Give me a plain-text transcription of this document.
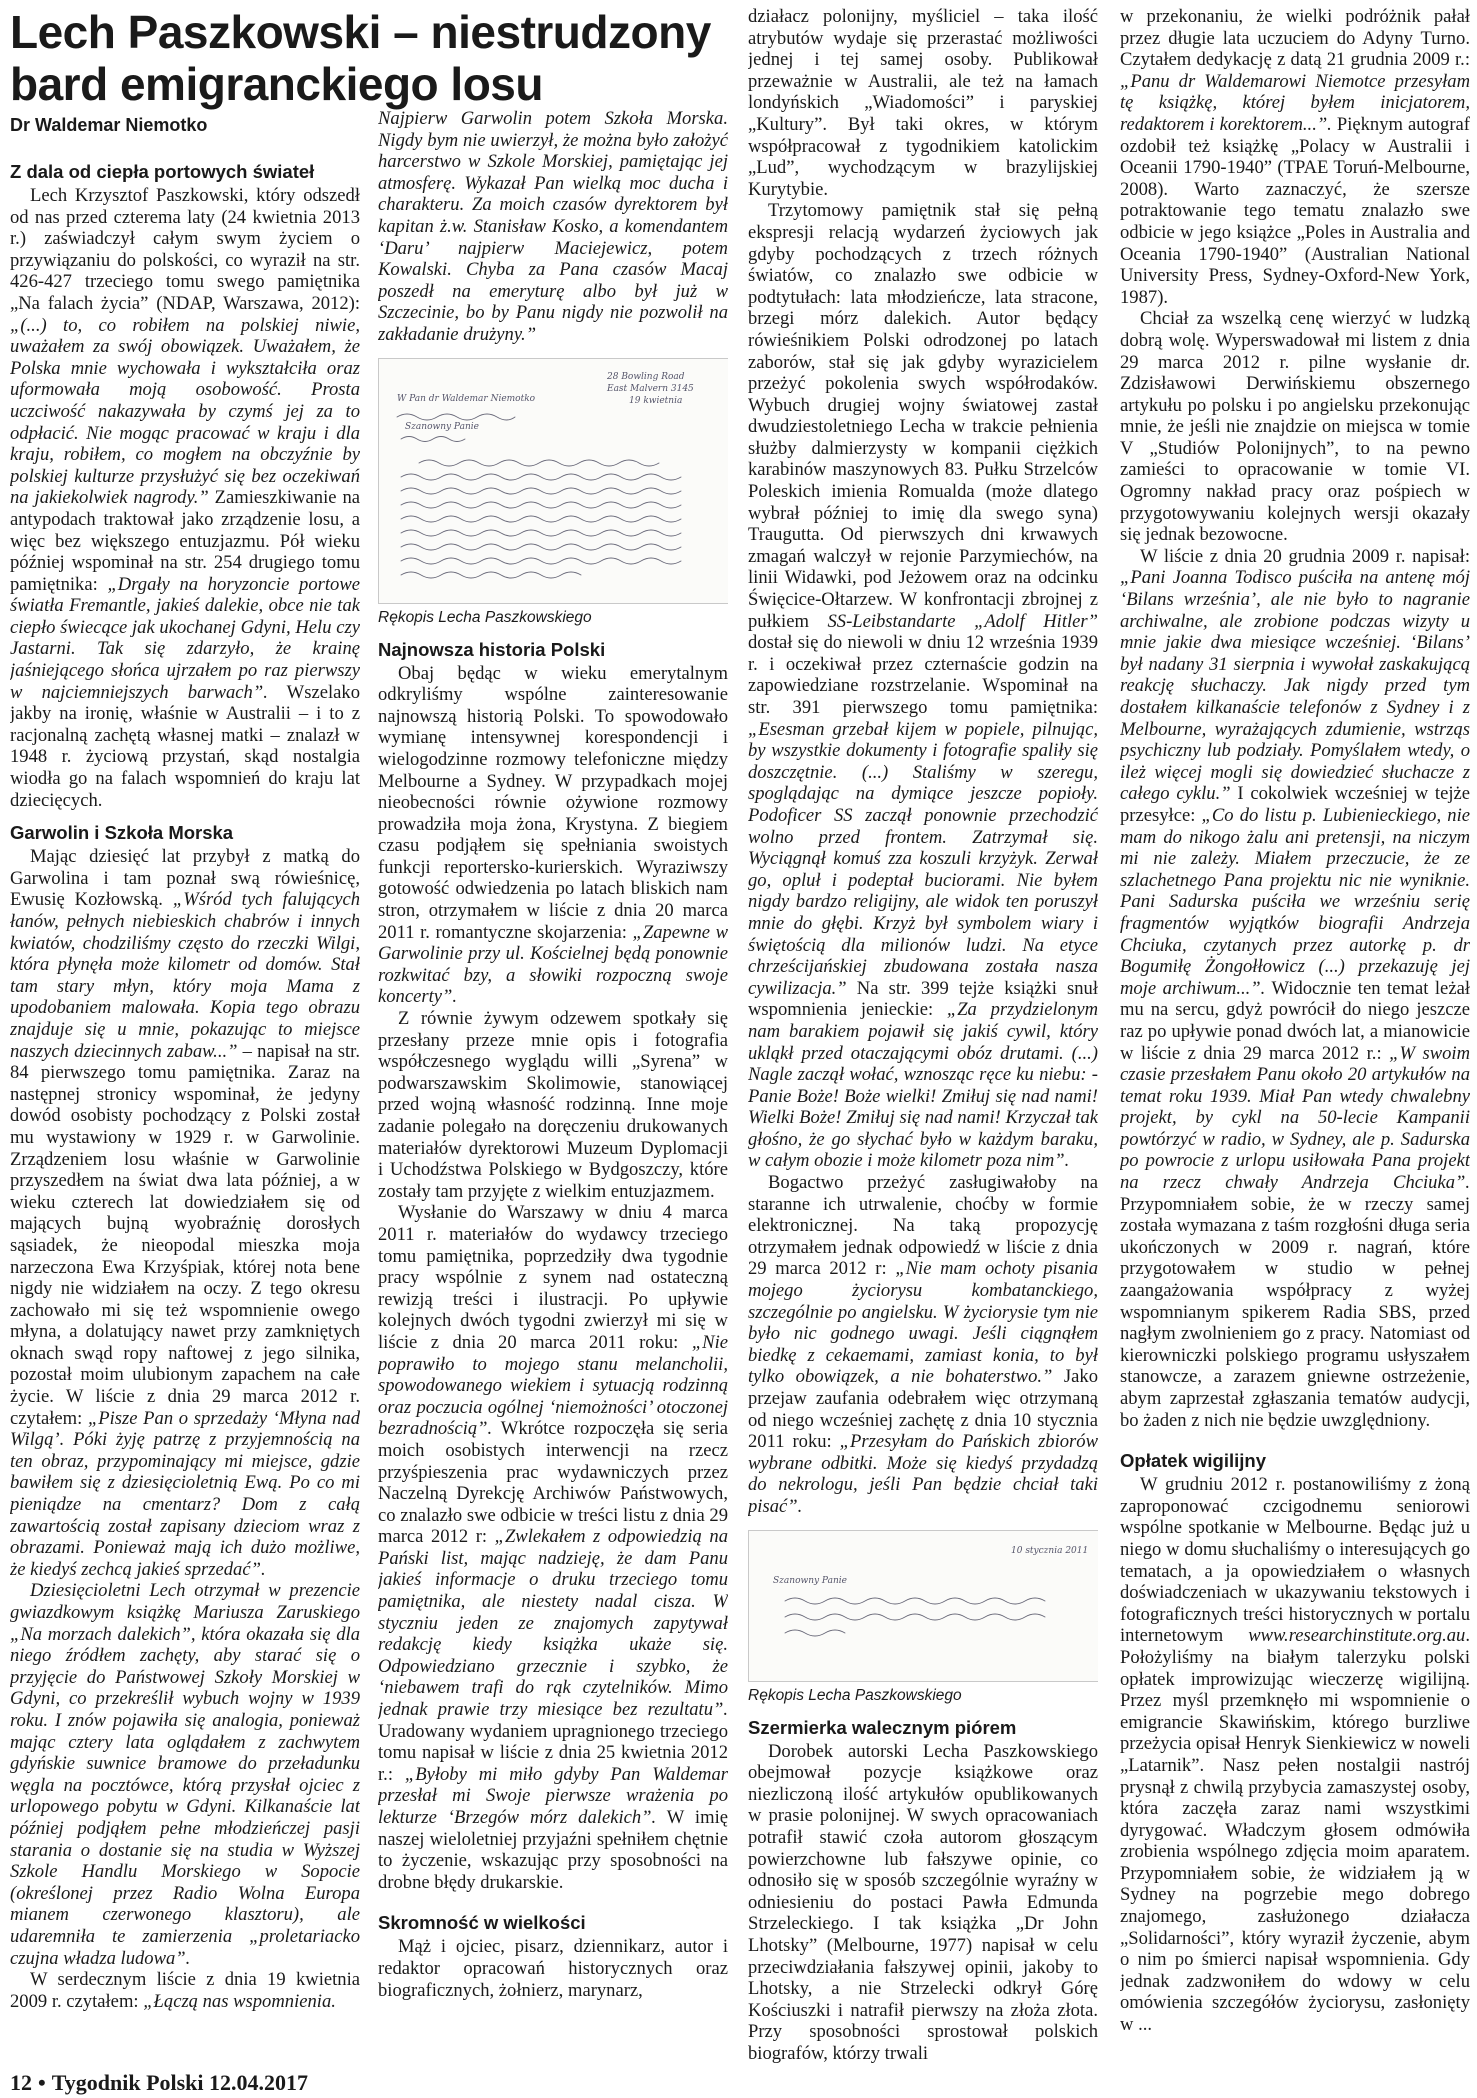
Lech Paszkowski – niestrudzony
bard emigranckiego losu
Dr Waldemar Niemotko
Z dala od ciepła portowych świateł

Lech Krzysztof Paszkowski, który odszedł od nas przed czterema laty (24 kwietnia 2013 r.) zaświadczył całym swym życiem o przywiązaniu do polskości, co wyraził na str. 426-427 trzeciego tomu swego pamiętnika „Na falach życia” (NDAP, Warszawa, 2012): „(...) to, co robiłem na polskiej niwie, uważałem za swój obowiązek. Uważałem, że Polska mnie wychowała i wykształciła oraz uformowała moją osobowość. Prosta uczciwość nakazywała by czymś jej za to odpłacić. Nie mogąc pracować w kraju i dla kraju, robiłem, co mogłem na obczyźnie by polskiej kulturze przysłużyć się bez oczekiwań na jakiekolwiek nagrody.” Zamieszkiwanie na antypodach traktował jako zrządzenie losu, a więc bez większego entuzjazmu. Pół wieku później wspominał na str. 254 drugiego tomu pamiętnika: „Drgały na horyzoncie portowe światła Fremantle, jakieś dalekie, obce nie tak ciepło świecące jak ukochanej Gdyni, Helu czy Jastarni. Tak się zdarzyło, że krainę jaśniejącego słońca ujrzałem po raz pierwszy w najciemniejszych barwach”. Wszelako jakby na ironię, właśnie w Australii – i to z racjonalną zachętą własnej matki – znalazł w 1948 r. życiową przystań, skąd nostalgia wiodła go na falach wspomnień do kraju lat dziecięcych.

Garwolin i Szkoła Morska

Mając dziesięć lat przybył z matką do Garwolina i tam poznał swą rówieśnicę, Ewusię Kozłowską. „Wśród tych falujących łanów, pełnych niebieskich chabrów i innych kwiatów, chodziliśmy często do rzeczki Wilgi, która płynęła może kilometr od domów. Stał tam stary młyn, który moja Mama z upodobaniem malowała. Kopia tego obrazu znajduje się u mnie, pokazując to miejsce naszych dziecinnych zabaw...” – napisał na str. 84 pierwszego tomu pamiętnika. Zaraz na następnej stronicy wspominał, że jedyny dowód osobisty pochodzący z Polski został mu wystawiony w 1929 r. w Garwolinie. Zrządzeniem losu właśnie w Garwolinie przyszedłem na świat dwa lata później, a w wieku czterech lat dowiedziałem się od mających bujną wyobraźnię dorosłych sąsiadek, że nieopodal mieszka moja narzeczona Ewa Krzyśpiak, której nota bene nigdy nie widziałem na oczy. Z tego okresu zachowało mi się też wspomnienie owego młyna, a dolatujący nawet przy zamkniętych oknach swąd ropy naftowej z jego silnika, pozostał moim ulubionym zapachem na całe życie. W liście z dnia 29 marca 2012 r. czytałem: „Pisze Pan o sprzedaży ‘Młyna nad Wilgą’. Póki żyję patrzę z przyjemnością na ten obraz, przypominający mi miejsce, gdzie bawiłem się z dziesięcioletnią Ewą. Po co mi pieniądze na cmentarz? Dom z całą zawartością został zapisany dzieciom wraz z obrazami. Ponieważ mają ich dużo możliwe, że kiedyś zechcą jakieś sprzedać”.

Dziesięcioletni Lech otrzymał w prezencie gwiazdkowym książkę Mariusza Zaruskiego „Na morzach dalekich”, która okazała się dla niego źródłem zachęty, aby starać się o przyjęcie do Państwowej Szkoły Morskiej w Gdyni, co przekreślił wybuch wojny w 1939 roku. I znów pojawiła się analogia, ponieważ mając cztery lata oglądałem z zachwytem gdyńskie suwnice bramowe do przeładunku węgla na pocztówce, którą przysłał ojciec z urlopowego pobytu w Gdyni. Kilkanaście lat później podjąłem pełne młodzieńczej pasji starania o dostanie się na studia w Wyższej Szkole Handlu Morskiego w Sopocie (określonej przez Radio Wolna Europa mianem czerwonego klasztoru), ale udaremniła te zamierzenia „proletariacko czujna władza ludowa”.

W serdecznym liście z dnia 19 kwietnia 2009 r. czytałem: „Łączą nas wspomnienia.

Najpierw Garwolin potem Szkoła Morska. Nigdy bym nie uwierzył, że można było założyć harcerstwo w Szkole Morskiej, pamiętając jej atmosferę. Wykazał Pan wielką moc ducha i charakteru. Za moich czasów dyrektorem był kapitan ż.w. Stanisław Kosko, a komendantem ‘Daru’ najpierw Maciejewicz, potem Kowalski. Chyba za Pana czasów Macaj poszedł na emeryturę albo był już w Szczecinie, bo by Panu nigdy nie pozwolił na zakładanie drużyny.”

28 Bowling Road
East Malvern 3145
19 kwietnia
W Pan dr Waldemar Niemotko
Szanowny Panie
Rękopis Lecha Paszkowskiego
Najnowsza historia Polski

Obaj będąc w wieku emerytalnym odkryliśmy wspólne zainteresowanie najnowszą historią Polski. To spowodowało wymianę intensywnej korespondencji i wielogodzinne rozmowy telefoniczne między Melbourne a Sydney. W przypadkach mojej nieobecności równie ożywione rozmowy prowadziła moja żona, Krystyna. Z biegiem czasu podjąłem się spełniania swoistych funkcji reportersko-kurierskich. Wyraziwszy gotowość odwiedzenia po latach bliskich nam stron, otrzymałem w liście z dnia 20 marca 2011 r. romantyczne skojarzenia: „Zapewne w Garwolinie przy ul. Kościelnej będą ponownie rozkwitać bzy, a słowiki rozpoczną swoje koncerty”.

Z równie żywym odzewem spotkały się przesłany przeze mnie opis i fotografia współczesnego wyglądu willi „Syrena” w podwarszawskim Skolimowie, stanowiącej przed wojną własność rodzinną. Inne moje zadanie polegało na doręczeniu drukowanych materiałów dyrektorowi Muzeum Dyplomacji i Uchodźstwa Polskiego w Bydgoszczy, które zostały tam przyjęte z wielkim entuzjazmem.

Wysłanie do Warszawy w dniu 4 marca 2011 r. materiałów do wydawcy trzeciego tomu pamiętnika, poprzedziły dwa tygodnie pracy wspólnie z synem nad ostateczną rewizją treści i ilustracji. Po upływie kolejnych dwóch tygodni zwierzył mi się w liście z dnia 20 marca 2011 roku: „Nie poprawiło to mojego stanu melancholii, spowodowanego wiekiem i sytuacją rodzinną oraz poczucia ogólnej ‘niemożności’ otoczonej bezradnością”. Wkrótce rozpoczęła się seria moich osobistych interwencji na rzecz przyśpieszenia prac wydawniczych przez Naczelną Dyrekcję Archiwów Państwowych, co znalazło swe odbicie w treści listu z dnia 29 marca 2012 r: „Zwlekałem z odpowiedzią na Pański list, mając nadzieję, że dam Panu jakieś informacje o druku trzeciego tomu pamiętnika, ale niestety nadal cisza. W styczniu jeden ze znajomych zapytywał redakcję kiedy książka ukaże się. Odpowiedziano grzecznie i szybko, że ‘niebawem trafi do rąk czytelników. Mimo jednak prawie trzy miesiące bez rezultatu”. Uradowany wydaniem upragnionego trzeciego tomu napisał w liście z dnia 25 kwietnia 2012 r.: „Byłoby mi miło gdyby Pan Waldemar przesłał mi Swoje pierwsze wrażenia po lekturze ‘Brzegów mórz dalekich”. W imię naszej wieloletniej przyjaźni spełniłem chętnie to życzenie, wskazując przy sposobności na drobne błędy drukarskie.

Skromność w wielkości

Mąż i ojciec, pisarz, dziennikarz, autor i redaktor opracowań historycznych oraz biograficznych, żołnierz, marynarz,

działacz polonijny, myśliciel – taka ilość atrybutów wydaje się przerastać możliwości jednej i tej samej osoby. Publikował przeważnie w Australii, ale też na łamach londyńskich „Wiadomości” i paryskiej „Kultury”. Był taki okres, w którym współpracował z tygodnikiem katolickim „Lud”, wychodzącym w brazylijskiej Kurytybie.

Trzytomowy pamiętnik stał się pełną ekspresji relacją wydarzeń życiowych jak gdyby pochodzących z trzech różnych światów, co znalazło swe odbicie w podtytułach: lata młodzieńcze, lata stracone, brzegi mórz dalekich. Autor będący rówieśnikiem Polski odrodzonej po latach zaborów, stał się jak gdyby wyrazicielem przeżyć pokolenia swych współrodaków. Wybuch drugiej wojny światowej zastał dwudziestoletniego Lecha w trakcie pełnienia służby dalmierzysty w kompanii ciężkich karabinów maszynowych 83. Pułku Strzelców Poleskich imienia Romualda (może dlatego wybrał później to imię dla swego syna) Traugutta. Od pierwszych dni krwawych zmagań walczył w rejonie Parzymiechów, na linii Widawki, pod Jeżowem oraz na odcinku Święcice-Ołtarzew. W konfrontacji zbrojnej z pułkiem SS-Leibstandarte „Adolf Hitler” dostał się do niewoli w dniu 12 września 1939 r. i oczekiwał przez czternaście godzin na zapowiedziane rozstrzelanie. Wspominał na str. 391 pierwszego tomu pamiętnika: „Esesman grzebał kijem w popiele, pilnując, by wszystkie dokumenty i fotografie spaliły się doszczętnie. (...) Staliśmy w szeregu, spoglądając na dymiące jeszcze popioły. Podoficer SS zaczął ponownie przechodzić wolno przed frontem. Zatrzymał się. Wyciągnął komuś zza koszuli krzyżyk. Zerwał go, opluł i podeptał buciorami. Nie byłem nigdy bardzo religijny, ale widok ten poruszył mnie do głębi. Krzyż był symbolem wiary i świętością dla milionów ludzi. Na etyce chrześcijańskiej zbudowana została nasza cywilizacja.” Na str. 399 tejże książki snuł wspomnienia jenieckie: „Za przydzielonym nam barakiem pojawił się jakiś cywil, który ukląkł przed otaczającymi obóz drutami. (...) Nagle zaczął wołać, wznosząc ręce ku niebu: - Panie Boże! Boże wielki! Zmiłuj się nad nami! Wielki Boże! Zmiłuj się nad nami! Krzyczał tak głośno, że go słychać było w każdym baraku, w całym obozie i może kilometr poza nim”.

Bogactwo przeżyć zasługiwałoby na staranne ich utrwalenie, choćby w formie elektronicznej. Na taką propozycję otrzymałem jednak odpowiedź w liście z dnia 29 marca 2012 r: „Nie mam ochoty pisania mojego życiorysu kombatanckiego, szczególnie po angielsku. W życiorysie tym nie było nic godnego uwagi. Jeśli ciągnąłem biedkę z cekaemami, zamiast konia, to był tylko obowiązek, a nie bohaterstwo.” Jako przejaw zaufania odebrałem więc otrzymaną od niego wcześniej zachętę z dnia 10 stycznia 2011 roku: „Przesyłam do Pańskich zbiorów wybrane odbitki. Może się kiedyś przydadzą do nekrologu, jeśli Pan będzie chciał taki pisać”.

10 stycznia 2011
Szanowny Panie
Rękopis Lecha Paszkowskiego
Szermierka walecznym piórem

Dorobek autorski Lecha Paszkowskiego obejmował pozycje książkowe oraz niezliczoną ilość artykułów opublikowanych w prasie polonijnej. W swych opracowaniach potrafił stawić czoła autorom głoszącym powierzchowne lub fałszywe opinie, co odnosiło się w sposób szczególnie wyraźny w odniesieniu do postaci Pawła Edmunda Strzeleckiego. I tak książka „Dr John Lhotsky” (Melbourne, 1977) napisał w celu przeciwdziałania fałszywej opinii, jakoby to Lhotsky, a nie Strzelecki odkrył Górę Kościuszki i natrafił pierwszy na złoża złota. Przy sposobności sprostował polskich biografów, którzy trwali

w przekonaniu, że wielki podróżnik pałał przez długie lata uczuciem do Adyny Turno. Czytałem dedykację z datą 21 grudnia 2009 r.: „Panu dr Waldemarowi Niemotce przesyłam tę książkę, której byłem inicjatorem, redaktorem i korektorem...”. Pięknym autograf ozdobił też książkę „Polacy w Australii i Oceanii 1790-1940” (TPAE Toruń-Melbourne, 2008). Warto zaznaczyć, że szersze potraktowanie tego tematu znalazło swe odbicie w jego książce „Poles in Australia and Oceania 1790-1940” (Australian National University Press, Sydney-Oxford-New York, 1987).

Chciał za wszelką cenę wierzyć w ludzką dobrą wolę. Wyperswadował mi listem z dnia 29 marca 2012 r. pilne wysłanie dr. Zdzisławowi Derwińskiemu obszernego artykułu po polsku i po angielsku przekonując mnie, że jeśli nie znajdzie on miejsca w tomie V „Studiów Polonijnych”, to na pewno zamieści to opracowanie w tomie VI. Ogromny nakład pracy oraz pośpiech w przygotowywaniu kolejnych wersji okazały się jednak bezowocne.

W liście z dnia 20 grudnia 2009 r. napisał: „Pani Joanna Todisco puściła na antenę mój ‘Bilans września’, ale nie było to nagranie archiwalne, ale zrobione podczas wizyty u mnie jakie dwa miesiące wcześniej. ‘Bilans’ był nadany 31 sierpnia i wywołał zaskakującą reakcję słuchaczy. Jak nigdy przed tym dostałem kilkanaście telefonów z Sydney i z Melbourne, wyrażających zdumienie, wstrząs psychiczny lub podziały. Pomyślałem wtedy, o ileż więcej mogli się dowiedzieć słuchacze z całego cyklu.” I cokolwiek wcześniej w tejże przesyłce: „Co do listu p. Lubienieckiego, nie mam do nikogo żalu ani pretensji, na niczym mi nie zależy. Miałem przeczucie, że ze szlachetnego Pana projektu nic nie wyniknie. Pani Sadurska puściła we wrześniu serię fragmentów wyjątków biografii Andrzeja Chciuka, czytanych przez autorkę p. dr Bogumiłę Żongołłowicz (...) przekazuję jej moje archiwum...”. Widocznie ten temat leżał mu na sercu, gdyż powrócił do niego jeszcze raz po upływie ponad dwóch lat, a mianowicie w liście z dnia 29 marca 2012 r.: „W swoim czasie przesłałem Panu około 20 artykułów na temat roku 1939. Miał Pan wtedy chwalebny projekt, by cykl na 50-lecie Kampanii powtórzyć w radio, w Sydney, ale p. Sadurska po powrocie z urlopu usiłowała Pana projekt na rzecz chwały Andrzeja Chciuka”. Przypomniałem sobie, że w rzeczy samej została wymazana z taśm rozgłośni długa seria ukończonych w 2009 r. nagrań, które przygotowałem w studio w pełnej zaangażowania współpracy z wyżej wspomnianym spikerem Radia SBS, przed nagłym zwolnieniem go z pracy. Natomiast od kierowniczki polskiego programu usłyszałem stanowcze, a zarazem gniewne ostrzeżenie, abym zaprzestał zgłaszania tematów audycji, bo żaden z nich nie będzie uwzględniony.

Opłatek wigilijny

W grudniu 2012 r. postanowiliśmy z żoną zaproponować czcigodnemu seniorowi wspólne spotkanie w Melbourne. Będąc już u niego w domu słuchaliśmy o interesujących go tematach, a ja opowiedziałem o własnych doświadczeniach w ukazywaniu tekstowych i fotograficznych treści historycznych w portalu internetowym www.researchinstitute.org.au. Położyliśmy na białym talerzyku polski opłatek improwizując wieczerzę wigilijną. Przez myśl przemknęło mi wspomnienie o emigrancie Skawińskim, którego burzliwe przeżycia opisał Henryk Sienkiewicz w noweli „Latarnik”. Nasz pełen nostalgii nastrój prysnął z chwilą przybycia zamaszystej osoby, która zaczęła zaraz nami wszystkimi dyrygować. Władczym głosem odmówiła zrobienia wspólnego zdjęcia moim aparatem. Przypomniałem sobie, że widziałem ją w Sydney na pogrzebie mego dobrego znajomego, zasłużonego działacza „Solidarności”, który wyraził życzenie, abym o nim po śmierci napisał wspomnienia. Gdy jednak zadzwoniłem do wdowy w celu omówienia szczegółów życiorysu, zasłonięty w ...

12 • Tygodnik Polski 12.04.2017
